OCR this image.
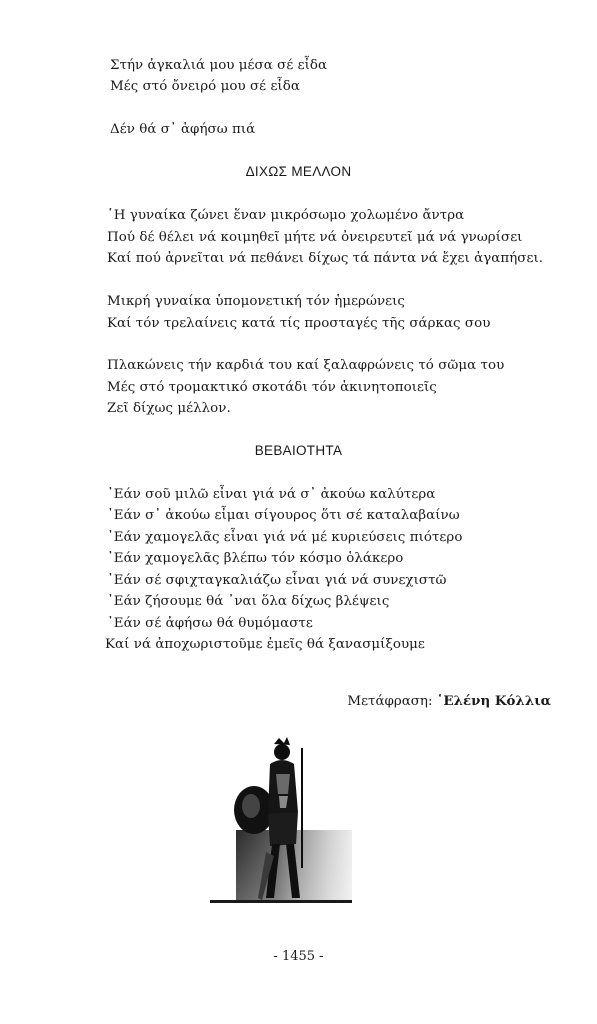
Στήν ἀγκαλιά μου μέσα σέ εἶδα
Μές στό ὄνειρό μου σέ εἶδα
Δέν θά σ᾽ ἀφήσω πιά
ΔΙΧΩΣ ΜΕΛΛΟΝ
῾Η γυναίκα ζώνει ἕναν μικρόσωμο χολωμένο ἄντρα
Πού δέ θέλει νά κοιμηθεῖ μήτε νά ὀνειρευτεῖ μά νά γνωρίσει
Καί πού ἀρνεῖται νά πεθάνει δίχως τά πάντα νά ἔχει ἀγαπήσει.
Μικρή γυναίκα ὑπομονετική τόν ἡμερώνεις
Καί τόν τρελαίνεις κατά τίς προσταγές τῆς σάρκας σου
Πλακώνεις τήν καρδιά του καί ξαλαφρώνεις τό σῶμα του
Μές στό τρομακτικό σκοτάδι τόν ἀκινητοποιεῖς
Ζεῖ δίχως μέλλον.
ΒΕΒΑΙΟΤΗΤΑ
᾽Εάν σοῦ μιλῶ εἶναι γιά νά σ᾽ ἀκούω καλύτερα
᾽Εάν σ᾽ ἀκούω εἶμαι σίγουρος ὅτι σέ καταλαβαίνω
᾽Εάν χαμογελᾶς εἶναι γιά νά μέ κυριεύσεις πιότερο
᾽Εάν χαμογελᾶς βλέπω τόν κόσμο ὁλάκερο
᾽Εάν σέ σφιχταγκαλιάζω εἶναι γιά νά συνεχιστῶ
᾽Εάν ζήσουμε θά ᾽ναι ὅλα δίχως βλέψεις
᾽Εάν σέ ἀφήσω θά θυμόμαστε
Καί νά ἀποχωριστοῦμε ἐμεῖς θά ξανασμίξουμε
Μετάφραση: ῾Ελένη Κόλλια
- 1455 -
